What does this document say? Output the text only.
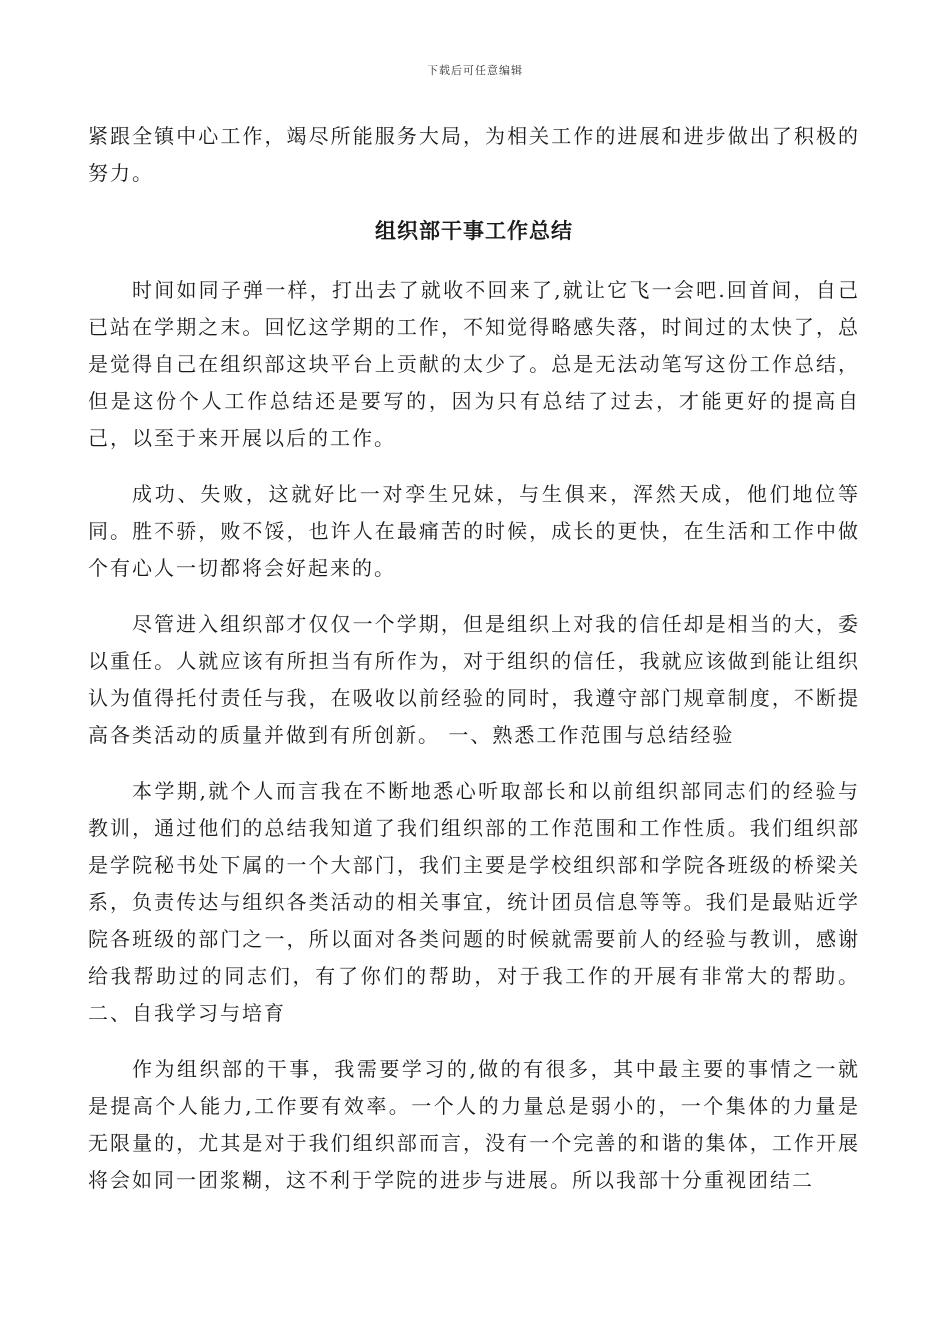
下载后可任意编辑

紧跟全镇中心工作，竭尽所能服务大局，为相关工作的进展和进步做出了积极的努力。

组织部干事工作总结

时间如同子弹一样，打出去了就收不回来了,就让它飞一会吧.回首间，自己已站在学期之末。回忆这学期的工作，不知觉得略感失落，时间过的太快了，总是觉得自己在组织部这块平台上贡献的太少了。总是无法动笔写这份工作总结，但是这份个人工作总结还是要写的，因为只有总结了过去，才能更好的提高自己，以至于来开展以后的工作。

成功、失败，这就好比一对孪生兄妹，与生俱来，浑然天成，他们地位等同。胜不骄，败不馁，也许人在最痛苦的时候，成长的更快，在生活和工作中做个有心人一切都将会好起来的。

尽管进入组织部才仅仅一个学期，但是组织上对我的信任却是相当的大，委以重任。人就应该有所担当有所作为，对于组织的信任，我就应该做到能让组织认为值得托付责任与我，在吸收以前经验的同时，我遵守部门规章制度，不断提高各类活动的质量并做到有所创新。 一、熟悉工作范围与总结经验

本学期,就个人而言我在不断地悉心听取部长和以前组织部同志们的经验与教训，通过他们的总结我知道了我们组织部的工作范围和工作性质。我们组织部是学院秘书处下属的一个大部门，我们主要是学校组织部和学院各班级的桥梁关系，负责传达与组织各类活动的相关事宜，统计团员信息等等。我们是最贴近学院各班级的部门之一，所以面对各类问题的时候就需要前人的经验与教训，感谢给我帮助过的同志们，有了你们的帮助，对于我工作的开展有非常大的帮助。 二、自我学习与培育

作为组织部的干事，我需要学习的,做的有很多，其中最主要的事情之一就是提高个人能力,工作要有效率。一个人的力量总是弱小的，一个集体的力量是无限量的，尤其是对于我们组织部而言，没有一个完善的和谐的集体，工作开展将会如同一团浆糊，这不利于学院的进步与进展。所以我部十分重视团结二
